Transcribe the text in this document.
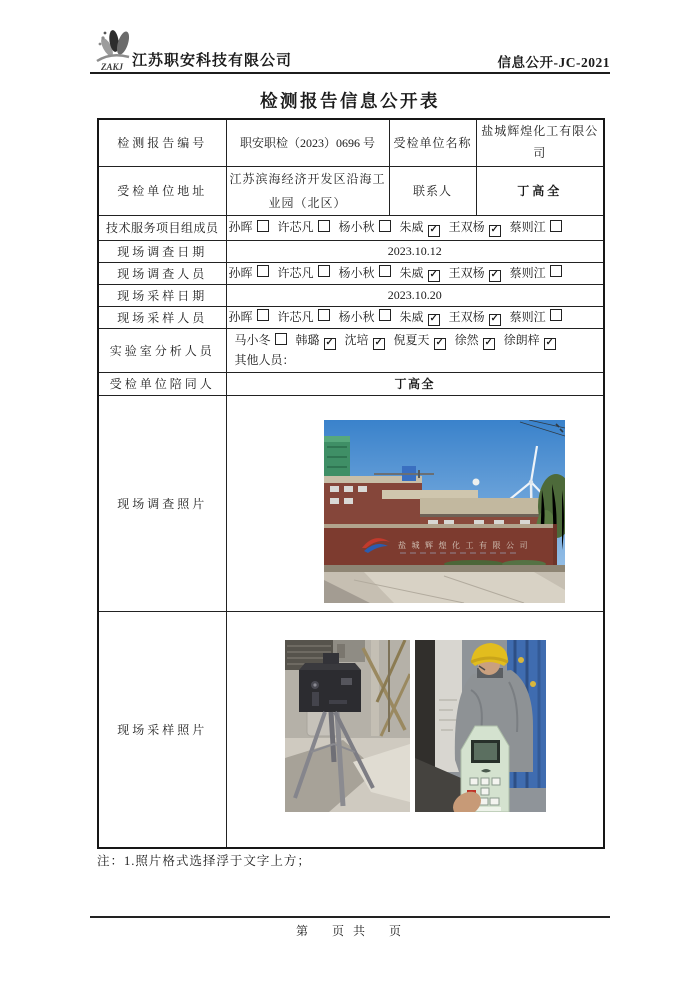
ZAKJ 江苏职安科技有限公司	信息公开-JC-2021
检测报告信息公开表
检测报告编号	职安职检（2023）0696 号	受检单位名称	盐城辉煌化工有限公司
受检单位地址	江苏滨海经济开发区沿海工业园（北区）	联系人	丁高全
技术服务项目组成员	孙晖 许芯凡 杨小秋 朱威 ✓ 王双杨 ✓ 蔡则江		
现场调查日期	2023.10.12		
现场调查人员	孙晖 许芯凡 杨小秋 朱威 ✓ 王双杨 ✓ 蔡则江		
现场采样日期	2023.10.20		
现场采样人员	孙晖 许芯凡 杨小秋 朱威 ✓ 王双杨 ✓ 蔡则江		
实验室分析人员	马小冬 韩璐 ✓ 沈培 ✓ 倪夏天 ✓ 徐然 ✓ 徐朗梓 ✓
其他人员：		

受检单位陪同人	丁高全		
现场调查照片	盐城辉煌化工有限公司		

现场采样照片	
注：1.照片格式选择浮于文字上方；
第　 页 共　 页
